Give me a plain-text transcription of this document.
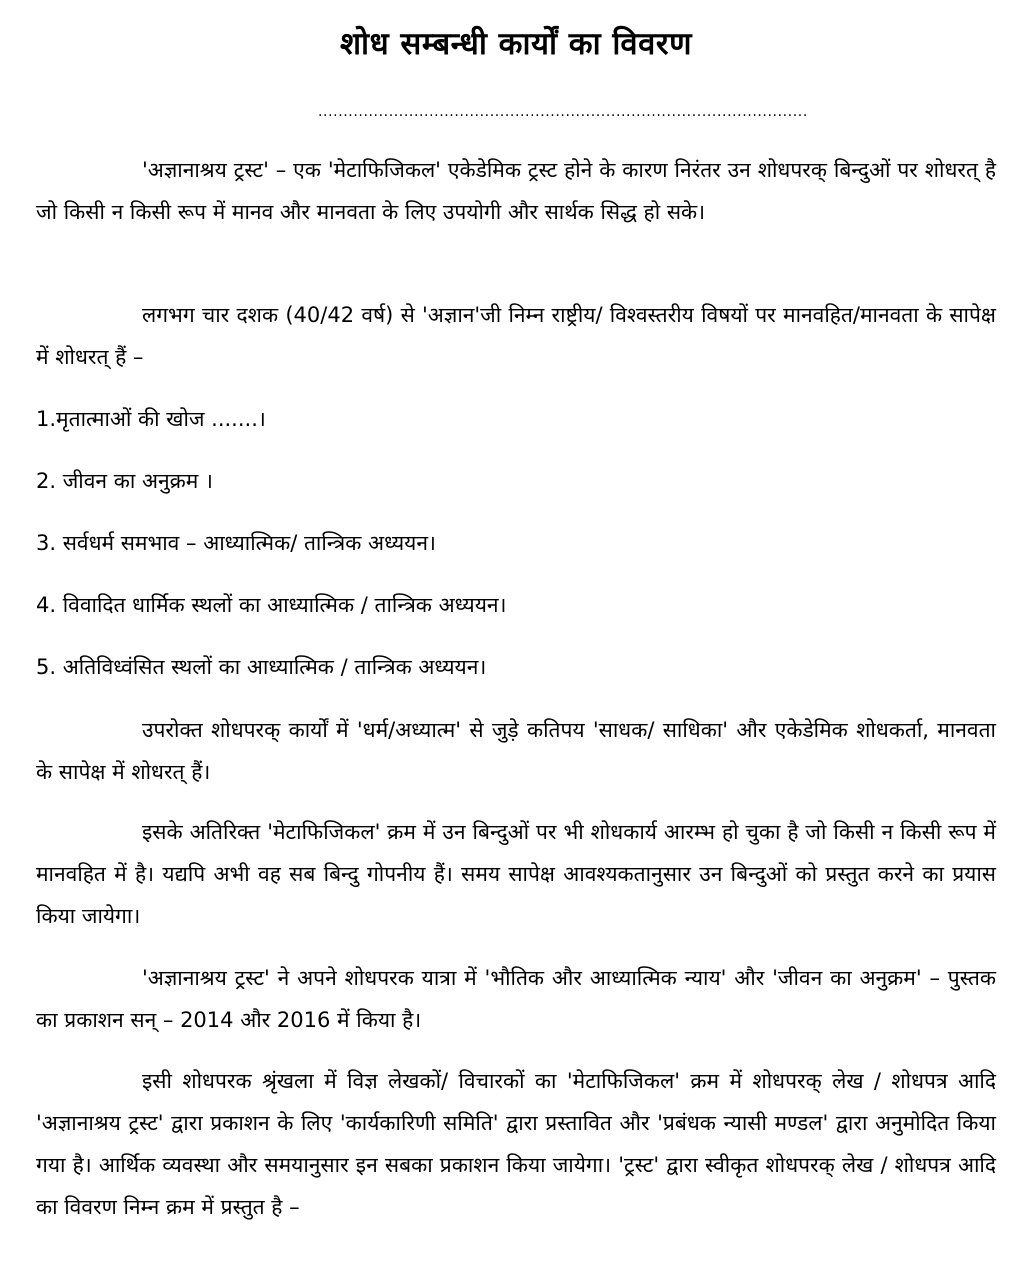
शोध सम्बन्धी कार्यों का विवरण
.................................................................................................

'अज्ञानाश्रय ट्रस्ट' – एक 'मेटाफिजिकल' एकेडेमिक ट्रस्ट होने के कारण निरंतर उन शोधपरक् बिन्दुओं पर शोधरत् है जो किसी न किसी रूप में मानव और मानवता के लिए उपयोगी और सार्थक सिद्ध हो सके।

लगभग चार दशक (40/42 वर्ष) से 'अज्ञान'जी निम्न राष्ट्रीय/ विश्वस्तरीय विषयों पर मानवहित/मानवता के सापेक्ष में शोधरत् हैं –

1.मृतात्माओं की खोज .......।

2. जीवन का अनुक्रम ।

3. सर्वधर्म समभाव – आध्यात्मिक/ तान्त्रिक अध्ययन।

4. विवादित धार्मिक स्थलों का आध्यात्मिक / तान्त्रिक अध्ययन।

5. अतिविध्वंसित स्थलों का आध्यात्मिक / तान्त्रिक अध्ययन।

उपरोक्त शोधपरक् कार्यों में 'धर्म/अध्यात्म' से जुड़े कतिपय 'साधक/ साधिका' और एकेडेमिक शोधकर्ता, मानवता के सापेक्ष में शोधरत् हैं।

इसके अतिरिक्त 'मेटाफिजिकल' क्रम में उन बिन्दुओं पर भी शोधकार्य आरम्भ हो चुका है जो किसी न किसी रूप में मानवहित में है। यद्यपि अभी वह सब बिन्दु गोपनीय हैं। समय सापेक्ष आवश्यकतानुसार उन बिन्दुओं को प्रस्तुत करने का प्रयास किया जायेगा।

'अज्ञानाश्रय ट्रस्ट' ने अपने शोधपरक यात्रा में 'भौतिक और आध्यात्मिक न्याय' और 'जीवन का अनुक्रम' – पुस्तक का प्रकाशन सन् – 2014 और 2016 में किया है।

इसी शोधपरक श्रृंखला में विज्ञ लेखकों/ विचारकों का 'मेटाफिजिकल' क्रम में शोधपरक् लेख / शोधपत्र आदि 'अज्ञानाश्रय ट्रस्ट' द्वारा प्रकाशन के लिए 'कार्यकारिणी समिति' द्वारा प्रस्तावित और 'प्रबंधक न्यासी मण्डल' द्वारा अनुमोदित किया गया है। आर्थिक व्यवस्था और समयानुसार इन सबका प्रकाशन किया जायेगा। 'ट्रस्ट' द्वारा स्वीकृत शोधपरक् लेख / शोधपत्र आदि का विवरण निम्न क्रम में प्रस्तुत है –
